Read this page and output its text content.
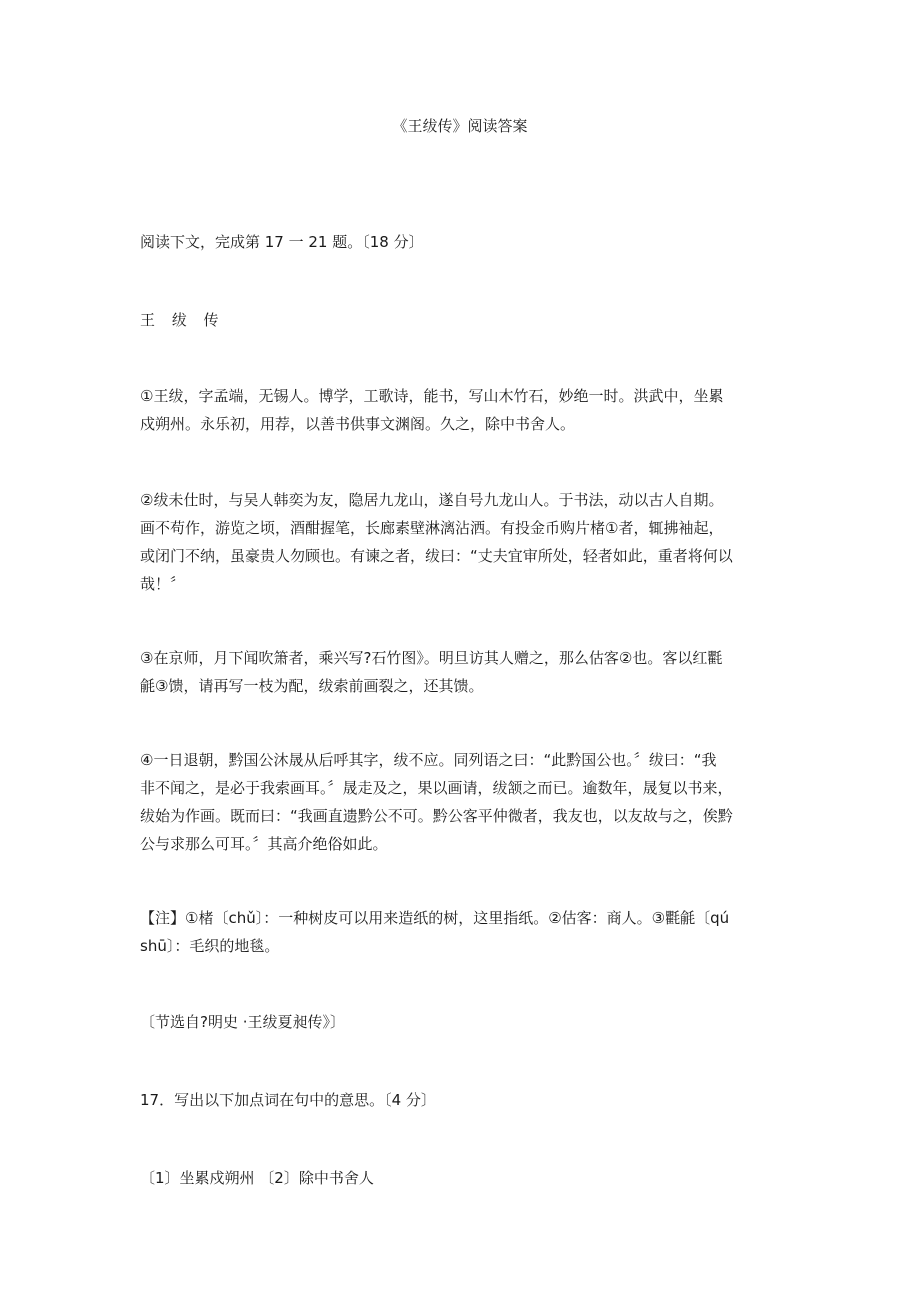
《王绂传》阅读答案
阅读下文，完成第 17 一 21 题。〔18 分〕
王 绂 传
①王绂，字孟端，无锡人。博学，工歌诗，能书，写山木竹石，妙绝一时。洪武中，坐累
戍朔州。永乐初，用荐，以善书供事文渊阁。久之，除中书舍人。
②绂未仕时，与吴人韩奕为友，隐居九龙山，遂自号九龙山人。于书法，动以古人自期。
画不苟作，游览之顷，酒酣握笔，长廊素壁淋漓沾洒。有投金币购片楮①者，辄拂袖起，
或闭门不纳，虽豪贵人勿顾也。有谏之者，绂曰：“丈夫宜审所处，轻者如此，重者将何以
哉！〞
③在京师，月下闻吹箫者，乘兴写?石竹图》。明旦访其人赠之，那么估客②也。客以红氍
毹③馈，请再写一枝为配，绂索前画裂之，还其馈。
④一日退朝，黔国公沐晟从后呼其字，绂不应。同列语之曰：“此黔国公也。〞绂曰：“我
非不闻之，是必于我索画耳。〞晟走及之，果以画请，绂颔之而已。逾数年，晟复以书来，
绂始为作画。既而曰：“我画直遗黔公不可。黔公客平仲微者，我友也，以友故与之，俟黔
公与求那么可耳。〞其高介绝俗如此。
【注】①楮〔chǔ〕：一种树皮可以用来造纸的树，这里指纸。②估客：商人。③氍毹〔qú
shū〕：毛织的地毯。
〔节选自?明史 ·王绂夏昶传》〕
17．写出以下加点词在句中的意思。〔4 分〕
〔1〕坐累戍朔州 〔2〕除中书舍人
